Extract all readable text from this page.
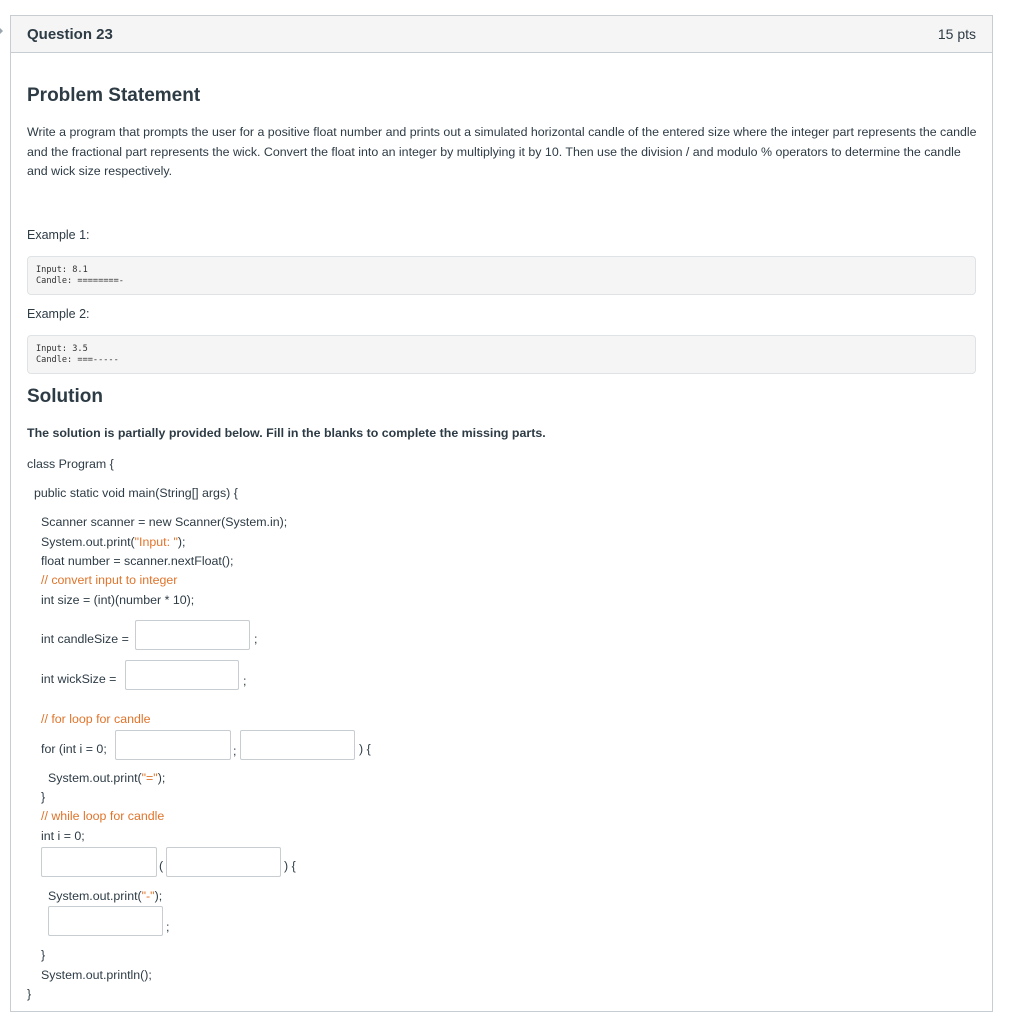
Question 23	15 pts
Problem Statement
Write a program that prompts the user for a positive float number and prints out a simulated horizontal candle of the entered size where the integer part represents the candle and the fractional part represents the wick. Convert the float into an integer by multiplying it by 10. Then use the division / and modulo % operators to determine the candle and wick size respectively.
Example 1:
Input: 8.1
Candle: ========-
Example 2:
Input: 3.5
Candle: ===-----
Solution
The solution is partially provided below. Fill in the blanks to complete the missing parts.
class Program {
public static void main(String[] args) {
Scanner scanner = new Scanner(System.in);
System.out.print("Input: ");
float number = scanner.nextFloat();
// convert input to integer
int size = (int)(number * 10);
int candleSize =	;
int wickSize =	;
// for loop for candle
for (int i = 0;	;	) {
System.out.print("=");
}
// while loop for candle
int i = 0;
(	) {
System.out.print("-");
;
}
System.out.println();
}
